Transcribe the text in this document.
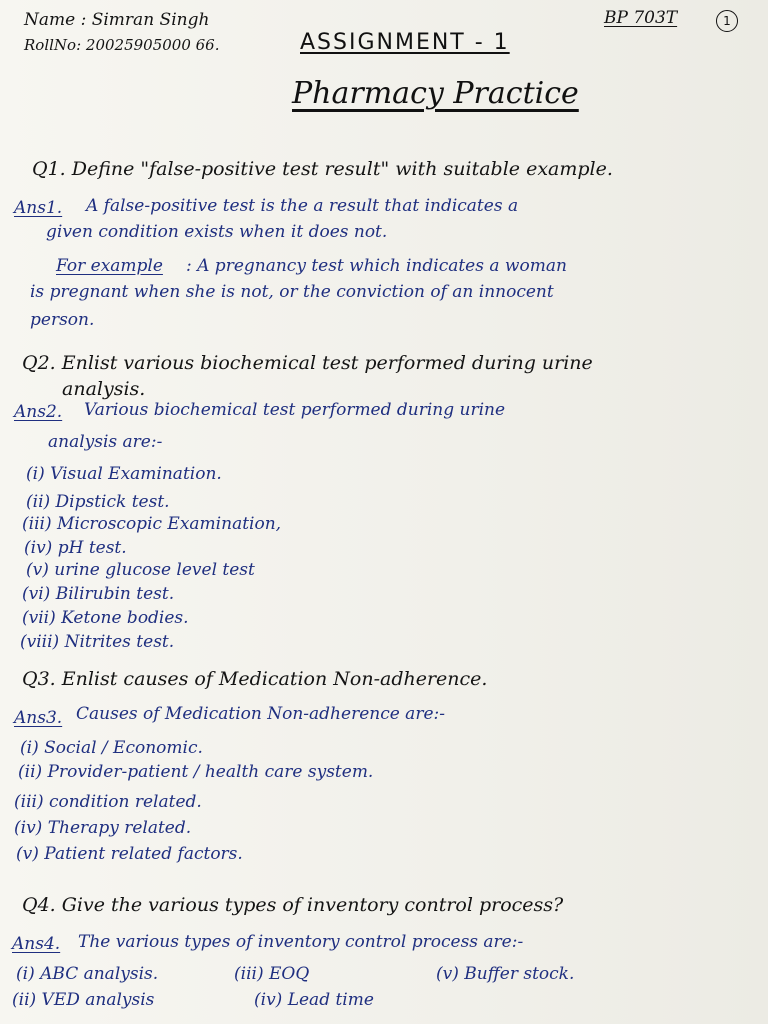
Name : Simran Singh
RollNo: 20025905000 66.
BP 703T	1
ASSIGNMENT - 1
Pharmacy Practice
Q1. Define "false-positive test result" with suitable example.
Ans1. A false-positive test is the a result that indicates a
given condition exists when it does not.
For example : A pregnancy test which indicates a woman
is pregnant when she is not, or the conviction of an innocent
person.
Q2. Enlist various biochemical test performed during urine
analysis.
Ans2. Various biochemical test performed during urine
analysis are:-
(i) Visual Examination.
(ii) Dipstick test.
(iii) Microscopic Examination,
(iv) pH test.
(v) urine glucose level test
(vi) Bilirubin test.
(vii) Ketone bodies.
(viii) Nitrites test.
Q3. Enlist causes of Medication Non-adherence.
Ans3. Causes of Medication Non-adherence are:-
(i) Social / Economic.
(ii) Provider-patient / health care system.
(iii) condition related.
(iv) Therapy related.
(v) Patient related factors.
Q4. Give the various types of inventory control process?
Ans4. The various types of inventory control process are:-
(i) ABC analysis.	(iii) EOQ	(v) Buffer stock.
(ii) VED analysis	(iv) Lead time
